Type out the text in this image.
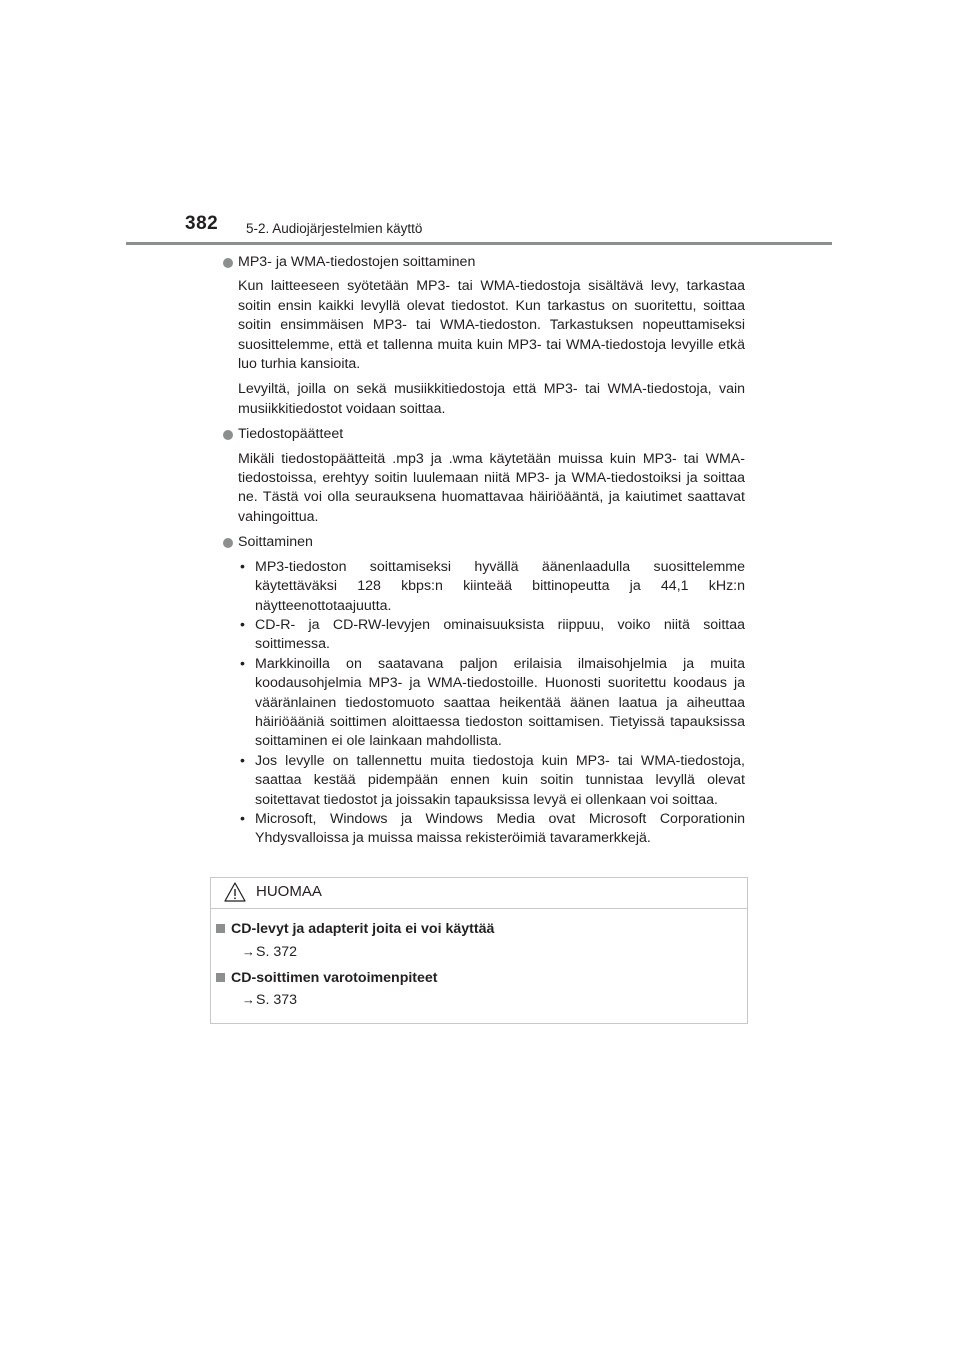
382 5-2. Audiojärjestelmien käyttö
MP3- ja WMA-tiedostojen soittaminen

Kun laitteeseen syötetään MP3- tai WMA-tiedostoja sisältävä levy, tarkastaa soitin ensin kaikki levyllä olevat tiedostot. Kun tarkastus on suoritettu, soittaa soitin ensimmäisen MP3- tai WMA-tiedoston. Tarkastuksen nopeuttamiseksi suosittelemme, että et tallenna muita kuin MP3- tai WMA-tiedostoja levyille etkä luo turhia kansioita.

Levyiltä, joilla on sekä musiikkitiedostoja että MP3- tai WMA-tiedostoja, vain musiikkitiedostot voidaan soittaa.

Tiedostopäätteet

Mikäli tiedostopäätteitä .mp3 ja .wma käytetään muissa kuin MP3- tai WMA-tiedostoissa, erehtyy soitin luulemaan niitä MP3- ja WMA-tiedostoiksi ja soittaa ne. Tästä voi olla seurauksena huomattavaa häiriöääntä, ja kaiutimet saattavat vahingoittua.

Soittaminen
• MP3-tiedoston soittamiseksi hyvällä äänenlaadulla suosittelemme käytettäväksi 128 kbps:n kiinteää bittinopeutta ja 44,1 kHz:n näytteenottotaajuutta.
• CD-R- ja CD-RW-levyjen ominaisuuksista riippuu, voiko niitä soittaa soittimessa.
• Markkinoilla on saatavana paljon erilaisia ilmaisohjelmia ja muita koodausohjelmia MP3- ja WMA-tiedostoille. Huonosti suoritettu koodaus ja vääränlainen tiedostomuoto saattaa heikentää äänen laatua ja aiheuttaa häiriöääniä soittimen aloittaessa tiedoston soittamisen. Tietyissä tapauksissa soittaminen ei ole lainkaan mahdollista.
• Jos levylle on tallennettu muita tiedostoja kuin MP3- tai WMA-tiedostoja, saattaa kestää pidempään ennen kuin soitin tunnistaa levyllä olevat soitettavat tiedostot ja joissakin tapauksissa levyä ei ollenkaan voi soittaa.
• Microsoft, Windows ja Windows Media ovat Microsoft Corporationin Yhdysvalloissa ja muissa maissa rekisteröimiä tavaramerkkejä.
HUOMAA
CD-levyt ja adapterit joita ei voi käyttää
→S. 372
CD-soittimen varotoimenpiteet
→S. 373
